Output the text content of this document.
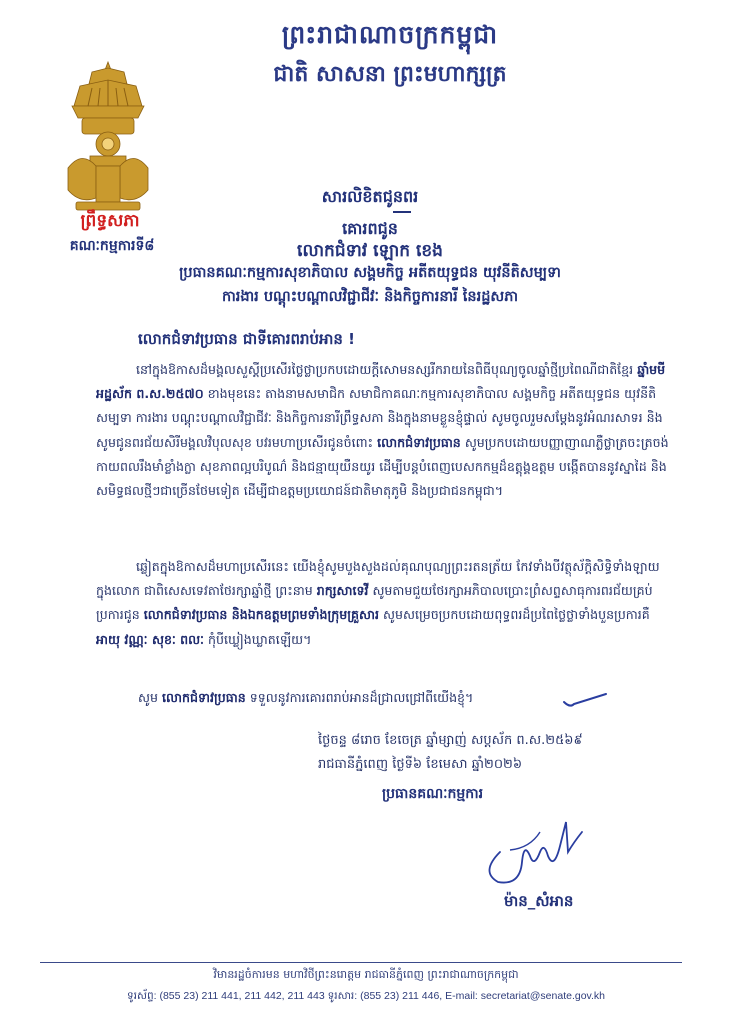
ព្រះរាជាណាចក្រកម្ពុជា
ជាតិ សាសនា ព្រះមហាក្សត្រ
ព្រឹទ្ធសភា
គណៈកម្មការទី៨
សារលិខិតជូនពរ
គោរពជូន
លោកជំទាវ ឡោក ខេង
ប្រធានគណៈកម្មការសុខាភិបាល សង្គមកិច្ច អតីតយុទ្ធជន យុវនីតិសម្បទា
ការងារ បណ្តុះបណ្តាលវិជ្ជាជីវៈ និងកិច្ចការនារី នៃរដ្ឋសភា
លោកជំទាវប្រធាន ជាទីគោរពរាប់អាន !
នៅក្នុងឱកាសដ៏មង្គលសួស្តីប្រសើរថ្លៃថ្លាប្រកបដោយក្តីសោមនស្សរីករាយនៃពិធីបុណ្យចូលឆ្នាំថ្មីប្រពៃណីជាតិខ្មែរ ឆ្នាំមមី អដ្ឋស័ក ព.ស.២៥៧០ ខាងមុខនេះ តាងនាមសមាជិក សមាជិកាគណៈកម្មការសុខាភិបាល សង្គមកិច្ច អតីតយុទ្ធជន យុវនីតិសម្បទា ការងារ បណ្តុះបណ្តាលវិជ្ជាជីវៈ និងកិច្ចការនារីព្រឹទ្ធសភា និងក្នុងនាមខ្លួនខ្ញុំផ្ទាល់ សូមចូលរួមសម្តែងនូវអំណរសាទរ និងសូមជូនពរជ័យសិរីមង្គលវិបុលសុខ បវរមហាប្រសើរជូនចំពោះ លោកជំទាវប្រធាន សូមប្រកបដោយបញ្ញាញាណភ្លឺថ្លាត្រចះត្រចង់ កាយពលរឹងមាំខ្លាំងក្លា សុខភាពល្អបរិបូណ៌ និងជន្មាយុយឺនយូរ ដើម្បីបន្តបំពេញបេសកកម្មដ៏ឧត្តុង្គឧត្តម បង្កើតបាននូវស្នាដៃ និងសមិទ្ធផលថ្មីៗជាច្រើនថែមទៀត ដើម្បីជាឧត្តមប្រយោជន៍ជាតិមាតុភូមិ និងប្រជាជនកម្ពុជា។
ឆ្លៀតក្នុងឱកាសដ៏មហាប្រសើរនេះ យើងខ្ញុំសូមបួងសួងដល់គុណបុណ្យព្រះរតនត្រ័យ កែវទាំងបីវត្ថុស័ក្តិសិទ្ធិទាំងឡាយក្នុងលោក ជាពិសេសទេវតាថែរក្សាឆ្នាំថ្មី ព្រះនាម រាក្សសាទេវី សូមតាមជួយថែរក្សាអភិបាលប្រោះព្រំសព្ទសាធុការពរជ័យគ្រប់ប្រការជូន លោកជំទាវប្រធាន និងឯកឧត្តមព្រមទាំងក្រុមគ្រួសារ សូមសម្រេចប្រកបដោយពុទ្ធពរដ៏ប្រពៃថ្លៃថ្លាទាំងបួនប្រការគឺ អាយុ វណ្ណៈ សុខៈ ពលៈ កុំបីឃ្លៀងឃ្លាតឡើយ។
សូម លោកជំទាវប្រធាន ទទួលនូវការគោរពរាប់អានដ៏ជ្រាលជ្រៅពីយើងខ្ញុំ។
ថ្ងៃចន្ទ ៨រោច ខែចេត្រ ឆ្នាំម្សាញ់ សប្តស័ក ព.ស.២៥៦៩
រាជធានីភ្នំពេញ ថ្ងៃទី៦ ខែមេសា ឆ្នាំ២០២៦
ប្រធានគណៈកម្មការ
ម៉ាន_សំអាន
វិមានរដ្ឋចំការមន មហាវិថីព្រះនរោត្តម រាជធានីភ្នំពេញ ព្រះរាជាណាចក្រកម្ពុជា
ទូរស័ព្ទ: (855 23) 211 441, 211 442, 211 443 ទូរសារ: (855 23) 211 446, E-mail: secretariat@senate.gov.kh
